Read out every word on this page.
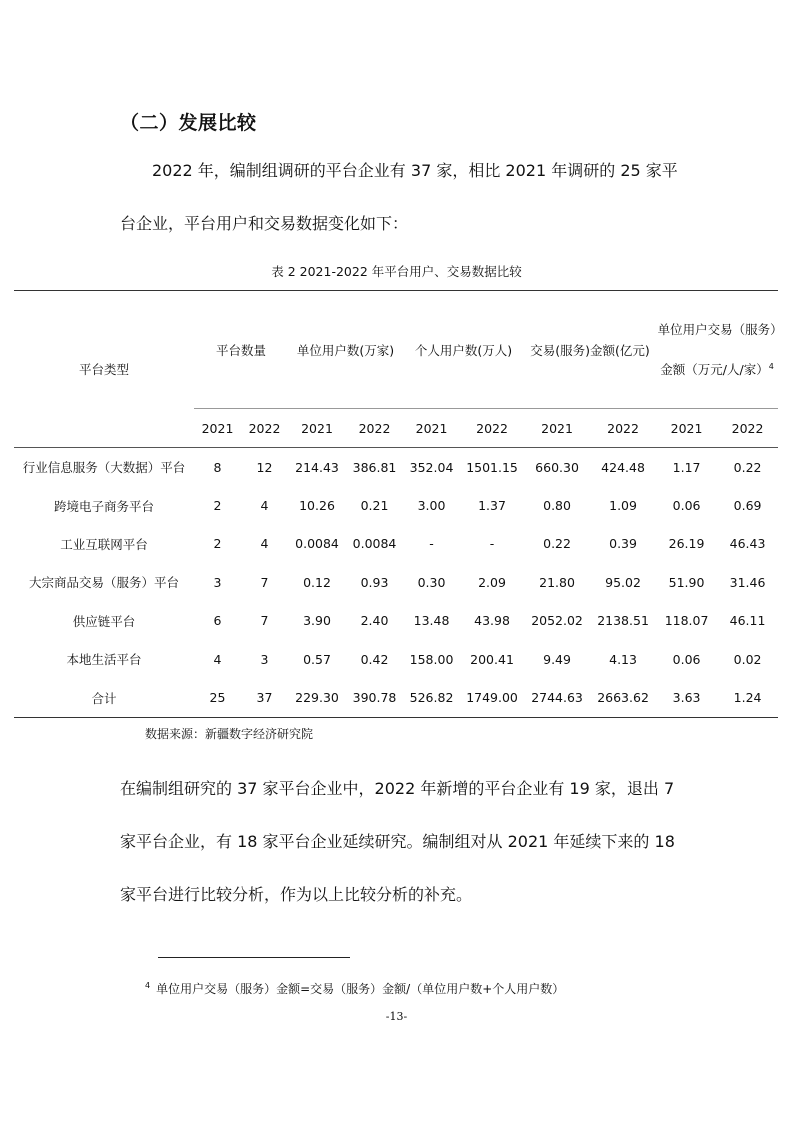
（二）发展比较
2022 年，编制组调研的平台企业有 37 家，相比 2021 年调研的 25 家平台企业，平台用户和交易数据变化如下：
表 2 2021-2022 年平台用户、交易数据比较
平台类型	平台数量		单位用户数(万家)		个人用户数(万人)		交易(服务)金额(亿元)		单位用户交易（服务）金额（万元/人/家）$^4$

	2021	2022	2021	2022	2021	2022	2021	2022	2021	2022
行业信息服务（大数据）平台	8	12	214.43	386.81	352.04	1501.15	660.30	424.48	1.17	0.22
跨境电子商务平台	2	4	10.26	0.21	3.00	1.37	0.80	1.09	0.06	0.69
工业互联网平台	2	4	0.0084	0.0084	-	-	0.22	0.39	26.19	46.43
大宗商品交易（服务）平台	3	7	0.12	0.93	0.30	2.09	21.80	95.02	51.90	31.46
供应链平台	6	7	3.90	2.40	13.48	43.98	2052.02	2138.51	118.07	46.11
本地生活平台	4	3	0.57	0.42	158.00	200.41	9.49	4.13	0.06	0.02
合计	25	37	229.30	390.78	526.82	1749.00	2744.63	2663.62	3.63	1.24
数据来源：新疆数字经济研究院
在编制组研究的 37 家平台企业中，2022 年新增的平台企业有 19 家，退出 7 家平台企业，有 18 家平台企业延续研究。编制组对从 2021 年延续下来的 18 家平台进行比较分析，作为以上比较分析的补充。
$^4$ 单位用户交易（服务）金额=交易（服务）金额/（单位用户数+个人用户数）
-13-
